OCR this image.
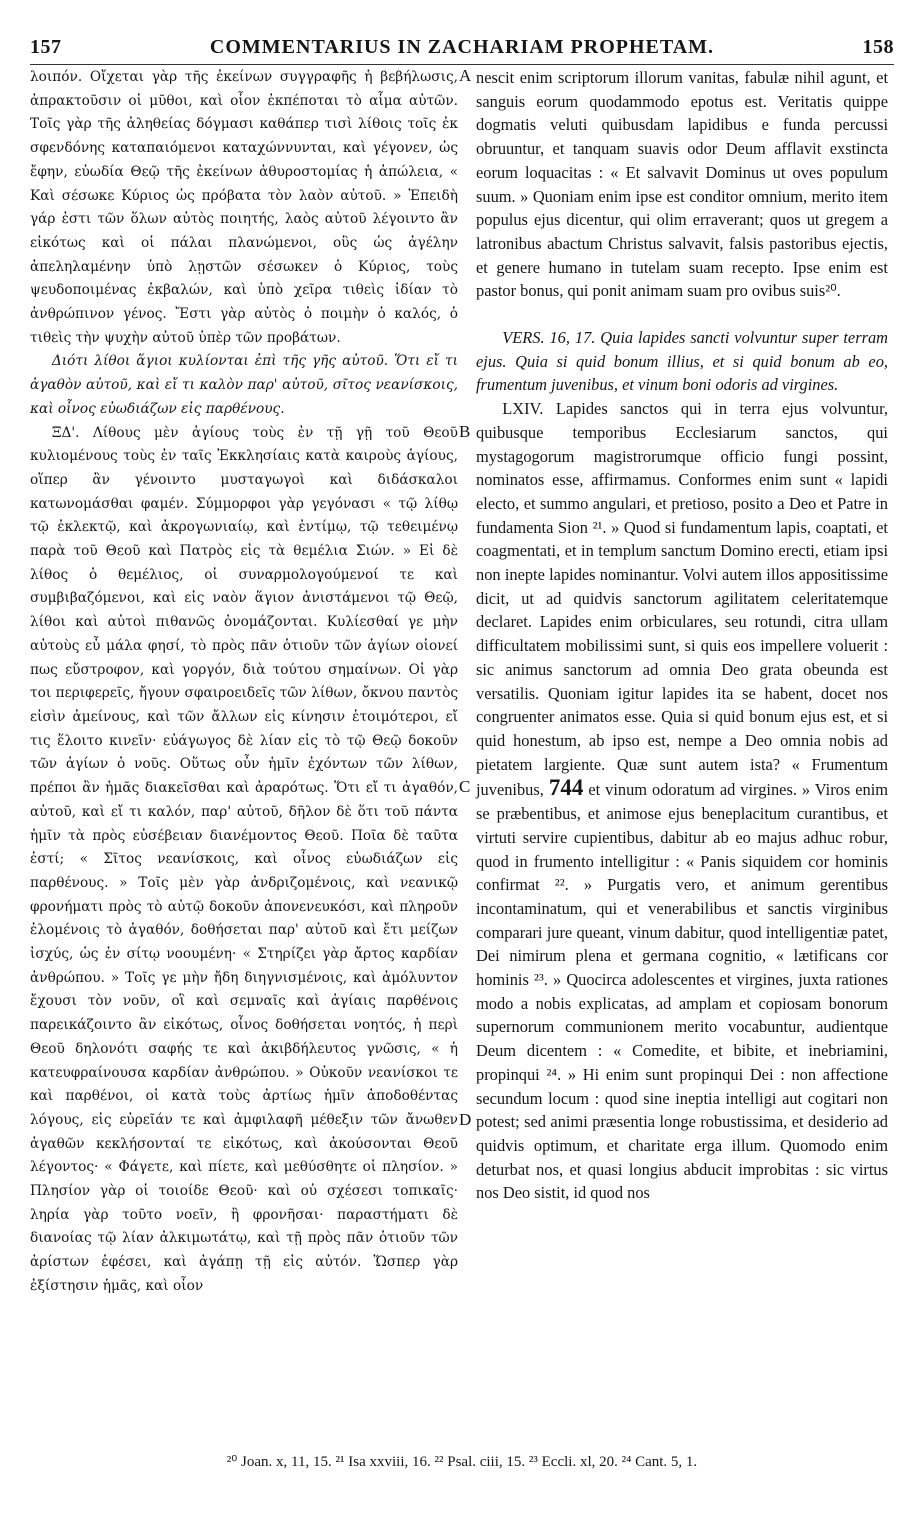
157	COMMENTARIUS IN ZACHARIAM PROPHETAM.	158

λοιπόν. Οἴχεται γὰρ τῆς ἐκείνων συγγραφῆς ἡ βεβήλωσις, ἀπρακτοῦσιν οἱ μῦθοι, καὶ οἷον ἐκπέποται τὸ αἷμα αὐτῶν. Τοῖς γὰρ τῆς ἀληθείας δόγμασι καθάπερ τισὶ λίθοις τοῖς ἐκ σφενδόνης καταπαιόμενοι καταχώννυνται, καὶ γέγονεν, ὡς ἔφην, εὐωδία Θεῷ τῆς ἐκείνων ἀθυροστομίας ἡ ἀπώλεια, « Καὶ σέσωκε Κύριος ὡς πρόβατα τὸν λαὸν αὐτοῦ. » Ἐπειδὴ γάρ ἐστι τῶν ὅλων αὐτὸς ποιητής, λαὸς αὐτοῦ λέγοιντο ἂν εἰκότως καὶ οἱ πάλαι πλανώμενοι, οὓς ὡς ἀγέλην ἀπεληλαμένην ὑπὸ λῃστῶν σέσωκεν ὁ Κύριος, τοὺς ψευδοποιμένας ἐκβαλών, καὶ ὑπὸ χεῖρα τιθεὶς ἰδίαν τὸ ἀνθρώπινον γένος. Ἔστι γὰρ αὐτὸς ὁ ποιμὴν ὁ καλός, ὁ τιθεὶς τὴν ψυχὴν αὐτοῦ ὑπὲρ τῶν προβάτων.

Διότι λίθοι ἅγιοι κυλίονται ἐπὶ τῆς γῆς αὐτοῦ. Ὅτι εἴ τι ἀγαθὸν αὐτοῦ, καὶ εἴ τι καλὸν παρ' αὐτοῦ, σῖτος νεανίσκοις, καὶ οἶνος εὐωδιάζων εἰς παρθένους.

ΞΔ'. Λίθους μὲν ἁγίους τοὺς ἐν τῇ γῇ τοῦ Θεοῦ κυλιομένους τοὺς ἐν ταῖς Ἐκκλησίαις κατὰ καιροὺς ἁγίους, οἵπερ ἂν γένοιντο μυσταγωγοὶ καὶ διδάσκαλοι κατωνομάσθαι φαμέν. Σύμμορφοι γὰρ γεγόνασι « τῷ λίθῳ τῷ ἐκλεκτῷ, καὶ ἀκρογωνιαίῳ, καὶ ἐντίμῳ, τῷ τεθειμένῳ παρὰ τοῦ Θεοῦ καὶ Πατρὸς εἰς τὰ θεμέλια Σιών. » Εἰ δὲ λίθος ὁ θεμέλιος, οἱ συναρμολογούμενοί τε καὶ συμβιβαζόμενοι, καὶ εἰς ναὸν ἅγιον ἀνιστάμενοι τῷ Θεῷ, λίθοι καὶ αὐτοὶ πιθανῶς ὀνομάζονται. Κυλίεσθαί γε μὴν αὐτοὺς εὖ μάλα φησί, τὸ πρὸς πᾶν ὁτιοῦν τῶν ἁγίων οἱονεί πως εὔστροφον, καὶ γοργόν, διὰ τούτου σημαίνων. Οἱ γὰρ τοι περιφερεῖς, ἤγουν σφαιροειδεῖς τῶν λίθων, ὄκνου παντὸς εἰσὶν ἀμείνους, καὶ τῶν ἄλλων εἰς κίνησιν ἑτοιμότεροι, εἴ τις ἕλοιτο κινεῖν· εὐάγωγος δὲ λίαν εἰς τὸ τῷ Θεῷ δοκοῦν τῶν ἁγίων ὁ νοῦς. Οὕτως οὖν ἡμῖν ἐχόντων τῶν λίθων, πρέποι ἂν ἡμᾶς διακεῖσθαι καὶ ἀραρότως. Ὅτι εἴ τι ἀγαθόν, αὐτοῦ, καὶ εἴ τι καλόν, παρ' αὐτοῦ, δῆλον δὲ ὅτι τοῦ πάντα ἡμῖν τὰ πρὸς εὐσέβειαν διανέμοντος Θεοῦ. Ποῖα δὲ ταῦτα ἐστί; « Σῖτος νεανίσκοις, καὶ οἶνος εὐωδιάζων εἰς παρθένους. » Τοῖς μὲν γὰρ ἀνδριζομένοις, καὶ νεανικῷ φρονήματι πρὸς τὸ αὐτῷ δοκοῦν ἀπονενευκόσι, καὶ πληροῦν ἑλομένοις τὸ ἀγαθόν, δοθήσεται παρ' αὐτοῦ καὶ ἔτι μείζων ἰσχύς, ὡς ἐν σίτῳ νοουμένη· « Στηρίζει γὰρ ἄρτος καρδίαν ἀνθρώπου. » Τοῖς γε μὴν ἤδη διηγνισμένοις, καὶ ἀμόλυντον ἔχουσι τὸν νοῦν, οἳ καὶ σεμναῖς καὶ ἁγίαις παρθένοις παρεικάζοιντο ἂν εἰκότως, οἶνος δοθήσεται νοητός, ἡ περὶ Θεοῦ δηλονότι σαφής τε καὶ ἀκιβδήλευτος γνῶσις, « ἡ κατευφραίνουσα καρδίαν ἀνθρώπου. » Οὐκοῦν νεανίσκοι τε καὶ παρθένοι, οἱ κατὰ τοὺς ἀρτίως ἡμῖν ἀποδοθέντας λόγους, εἰς εὐρεῖάν τε καὶ ἀμφιλαφῆ μέθεξιν τῶν ἄνωθεν ἀγαθῶν κεκλήσονταί τε εἰκότως, καὶ ἀκούσονται Θεοῦ λέγοντος· « Φάγετε, καὶ πίετε, καὶ μεθύσθητε οἱ πλησίον. » Πλησίον γὰρ οἱ τοιοίδε Θεοῦ· καὶ οὐ σχέσεσι τοπικαῖς· ληρία γὰρ τοῦτο νοεῖν, ἢ φρονῆσαι· παραστήματι δὲ διανοίας τῷ λίαν ἀλκιμωτάτῳ, καὶ τῇ πρὸς πᾶν ὁτιοῦν τῶν ἀρίστων ἐφέσει, καὶ ἀγάπῃ τῇ εἰς αὐτόν. Ὥσπερ γὰρ ἐξίστησιν ἡμᾶς, καὶ οἷον

A
B
C
D

nescit enim scriptorum illorum vanitas, fabulæ nihil agunt, et sanguis eorum quodammodo epotus est. Veritatis quippe dogmatis veluti quibusdam lapidibus e funda percussi obruuntur, et tanquam suavis odor Deum afflavit exstincta eorum loquacitas : « Et salvavit Dominus ut oves populum suum. » Quoniam enim ipse est conditor omnium, merito item populus ejus dicentur, qui olim erraverant; quos ut gregem a latronibus abactum Christus salvavit, falsis pastoribus ejectis, et genere humano in tutelam suam recepto. Ipse enim est pastor bonus, qui ponit animam suam pro ovibus suis²⁰.

VERS. 16, 17. Quia lapides sancti volvuntur super terram ejus. Quia si quid bonum illius, et si quid bonum ab eo, frumentum juvenibus, et vinum boni odoris ad virgines.

LXIV. Lapides sanctos qui in terra ejus volvuntur, quibusque temporibus Ecclesiarum sanctos, qui mystagogorum magistrorumque officio fungi possint, nominatos esse, affirmamus. Conformes enim sunt « lapidi electo, et summo angulari, et pretioso, posito a Deo et Patre in fundamenta Sion ²¹. » Quod si fundamentum lapis, coaptati, et coagmentati, et in templum sanctum Domino erecti, etiam ipsi non inepte lapides nominantur. Volvi autem illos appositissime dicit, ut ad quidvis sanctorum agilitatem celeritatemque declaret. Lapides enim orbiculares, seu rotundi, citra ullam difficultatem mobilissimi sunt, si quis eos impellere voluerit : sic animus sanctorum ad omnia Deo grata obeunda est versatilis. Quoniam igitur lapides ita se habent, docet nos congruenter animatos esse. Quia si quid bonum ejus est, et si quid honestum, ab ipso est, nempe a Deo omnia nobis ad pietatem largiente. Quæ sunt autem ista? « Frumentum juvenibus, 744 et vinum odoratum ad virgines. » Viros enim se præbentibus, et animose ejus beneplacitum curantibus, et virtuti servire cupientibus, dabitur ab eo majus adhuc robur, quod in frumento intelligitur : « Panis siquidem cor hominis confirmat ²². » Purgatis vero, et animum gerentibus incontaminatum, qui et venerabilibus et sanctis virginibus comparari jure queant, vinum dabitur, quod intelligentiæ patet, Dei nimirum plena et germana cognitio, « lætificans cor hominis ²³. » Quocirca adolescentes et virgines, juxta rationes modo a nobis explicatas, ad amplam et copiosam bonorum supernorum communionem merito vocabuntur, audientque Deum dicentem : « Comedite, et bibite, et inebriamini, propinqui ²⁴. » Hi enim sunt propinqui Dei : non affectione secundum locum : quod sine ineptia intelligi aut cogitari non potest; sed animi præsentia longe robustissima, et desiderio ad quidvis optimum, et charitate erga illum. Quomodo enim deturbat nos, et quasi longius abducit improbitas : sic virtus nos Deo sistit, id quod nos

²⁰ Joan. x, 11, 15. ²¹ Isa xxviii, 16. ²² Psal. ciii, 15. ²³ Eccli. xl, 20. ²⁴ Cant. 5, 1.
